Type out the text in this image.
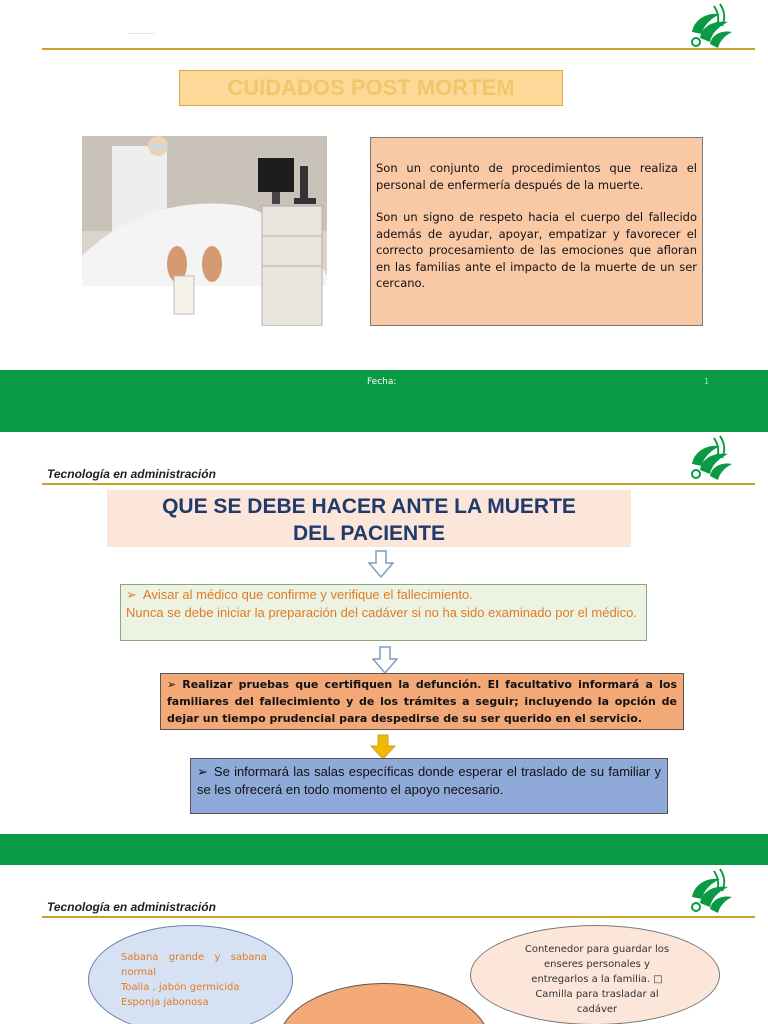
————————
CUIDADOS POST MORTEM

Son un conjunto de procedimientos que realiza el personal de enfermería después de la muerte.

Son un signo de respeto hacia el cuerpo del fallecido además de ayudar, apoyar, empatizar y favorecer el correcto procesamiento de las emociones que afloran en las familias ante el impacto de la muerte de un ser cercano.

Fecha:	1
Tecnología en administración
QUE SE DEBE HACER ANTE LA MUERTE DEL PACIENTE
➢ Avisar al médico que confirme y verifique el fallecimiento.
Nunca se debe iniciar la preparación del cadáver si no ha sido examinado por el médico.
➢ Realizar pruebas que certifiquen la defunción. El facultativo informará a los familiares del fallecimiento y de los trámites a seguir; incluyendo la opción de dejar un tiempo prudencial para despedirse de su ser querido en el servicio.
➢ Se informará las salas específicas donde esperar el traslado de su familiar y se les ofrecerá en todo momento el apoyo necesario.
Tecnología en administración
Sabana grande y sabana normal
Toalla , jabón germicida
Esponja jabonosa
Contenedor para guardar los enseres personales y entregarlos a la familia. □ Camilla para trasladar al cadáver
